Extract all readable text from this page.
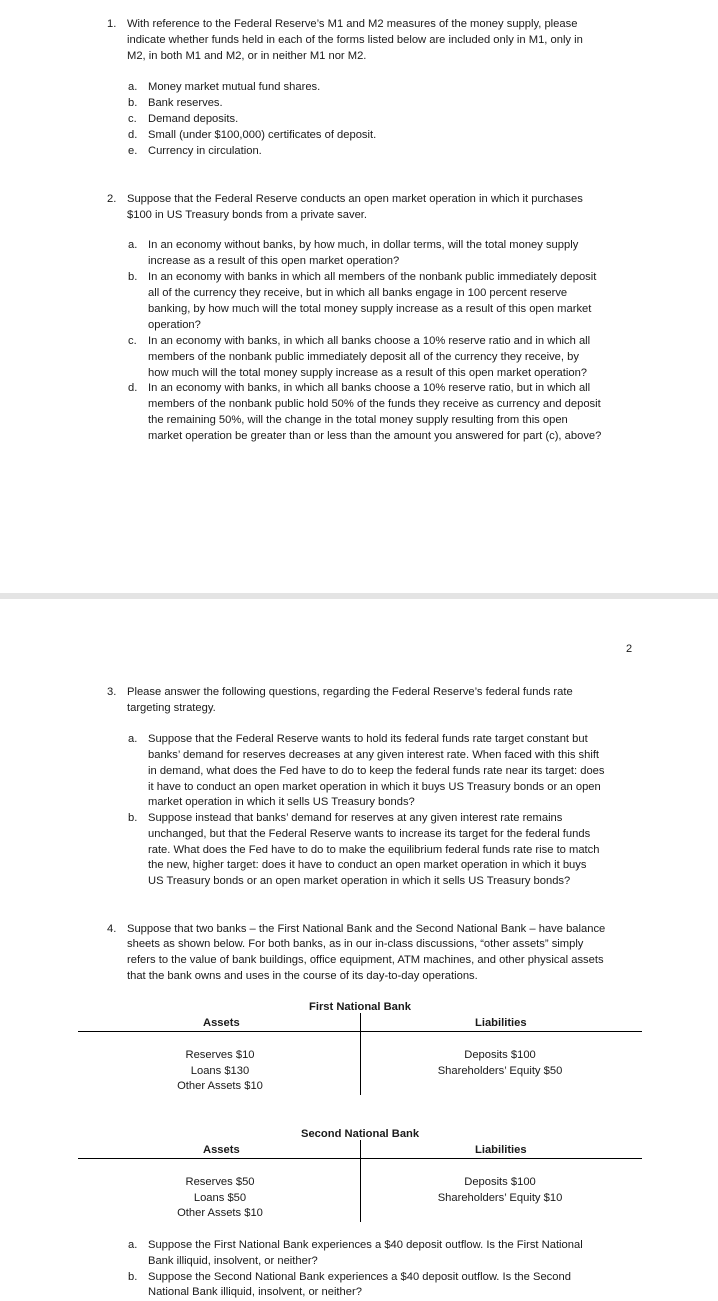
1. With reference to the Federal Reserve’s M1 and M2 measures of the money supply, please
indicate whether funds held in each of the forms listed below are included only in M1, only in
M2, in both M1 and M2, or in neither M1 nor M2.
a. Money market mutual fund shares.
b. Bank reserves.
c. Demand deposits.
d. Small (under $100,000) certificates of deposit.
e. Currency in circulation.
2. Suppose that the Federal Reserve conducts an open market operation in which it purchases
$100 in US Treasury bonds from a private saver.
a. In an economy without banks, by how much, in dollar terms, will the total money supply
increase as a result of this open market operation?
b. In an economy with banks in which all members of the nonbank public immediately deposit
all of the currency they receive, but in which all banks engage in 100 percent reserve
banking, by how much will the total money supply increase as a result of this open market
operation?
c. In an economy with banks, in which all banks choose a 10% reserve ratio and in which all
members of the nonbank public immediately deposit all of the currency they receive, by
how much will the total money supply increase as a result of this open market operation?
d. In an economy with banks, in which all banks choose a 10% reserve ratio, but in which all
members of the nonbank public hold 50% of the funds they receive as currency and deposit
the remaining 50%, will the change in the total money supply resulting from this open
market operation be greater than or less than the amount you answered for part (c), above?
2
3. Please answer the following questions, regarding the Federal Reserve’s federal funds rate
targeting strategy.
a. Suppose that the Federal Reserve wants to hold its federal funds rate target constant but
banks’ demand for reserves decreases at any given interest rate. When faced with this shift
in demand, what does the Fed have to do to keep the federal funds rate near its target: does
it have to conduct an open market operation in which it buys US Treasury bonds or an open
market operation in which it sells US Treasury bonds?
b. Suppose instead that banks’ demand for reserves at any given interest rate remains
unchanged, but that the Federal Reserve wants to increase its target for the federal funds
rate. What does the Fed have to do to make the equilibrium federal funds rate rise to match
the new, higher target: does it have to conduct an open market operation in which it buys
US Treasury bonds or an open market operation in which it sells US Treasury bonds?
4. Suppose that two banks – the First National Bank and the Second National Bank – have balance
sheets as shown below. For both banks, as in our in-class discussions, “other assets” simply
refers to the value of bank buildings, office equipment, ATM machines, and other physical assets
that the bank owns and uses in the course of its day-to-day operations.
First National Bank
Assets	Liabilities
Reserves $10
Loans $130
Other Assets $10
Deposits $100
Shareholders’ Equity $50
Second National Bank
Assets	Liabilities
Reserves $50
Loans $50
Other Assets $10
Deposits $100
Shareholders’ Equity $10
a. Suppose the First National Bank experiences a $40 deposit outflow. Is the First National
Bank illiquid, insolvent, or neither?
b. Suppose the Second National Bank experiences a $40 deposit outflow. Is the Second
National Bank illiquid, insolvent, or neither?
